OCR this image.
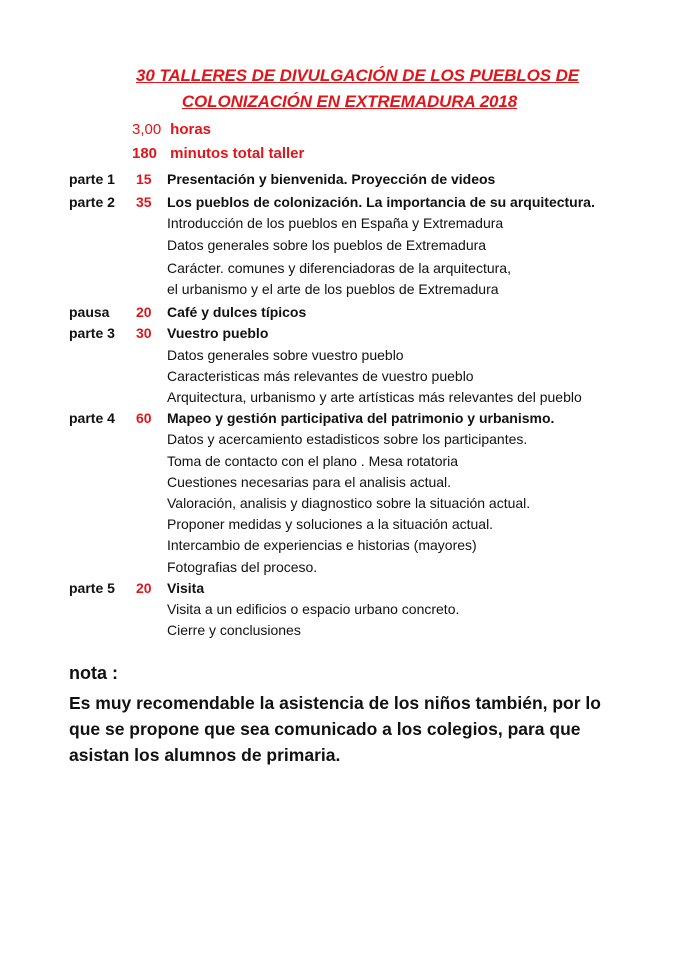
30 TALLERES DE DIVULGACIÓN DE LOS PUEBLOS DE
COLONIZACIÓN EN EXTREMADURA 2018
3,00 horas
180 minutos total taller
parte 1 15 Presentación y bienvenida. Proyección de videos
parte 2 35 Los pueblos de colonización. La importancia de su arquitectura.
Introducción de los pueblos en España y Extremadura
Datos generales sobre los pueblos de Extremadura
Carácter. comunes y diferenciadoras de la arquitectura,
el urbanismo y el arte de los pueblos de Extremadura
pausa 20 Café y dulces típicos
parte 3 30 Vuestro pueblo
Datos generales sobre vuestro pueblo
Caracteristicas más relevantes de vuestro pueblo
Arquitectura, urbanismo y arte artísticas más relevantes del pueblo
parte 4 60 Mapeo y gestión participativa del patrimonio y urbanismo.
Datos y acercamiento estadisticos sobre los participantes.
Toma de contacto con el plano . Mesa rotatoria
Cuestiones necesarias para el analisis actual.
Valoración, analisis y diagnostico sobre la situación actual.
Proponer medidas y soluciones a la situación actual.
Intercambio de experiencias e historias (mayores)
Fotografias del proceso.
parte 5 20 Visita
Visita a un edificios o espacio urbano concreto.
Cierre y conclusiones
nota :
Es muy recomendable la asistencia de los niños también, por lo que se propone que sea comunicado a los colegios, para que asistan los alumnos de primaria.
